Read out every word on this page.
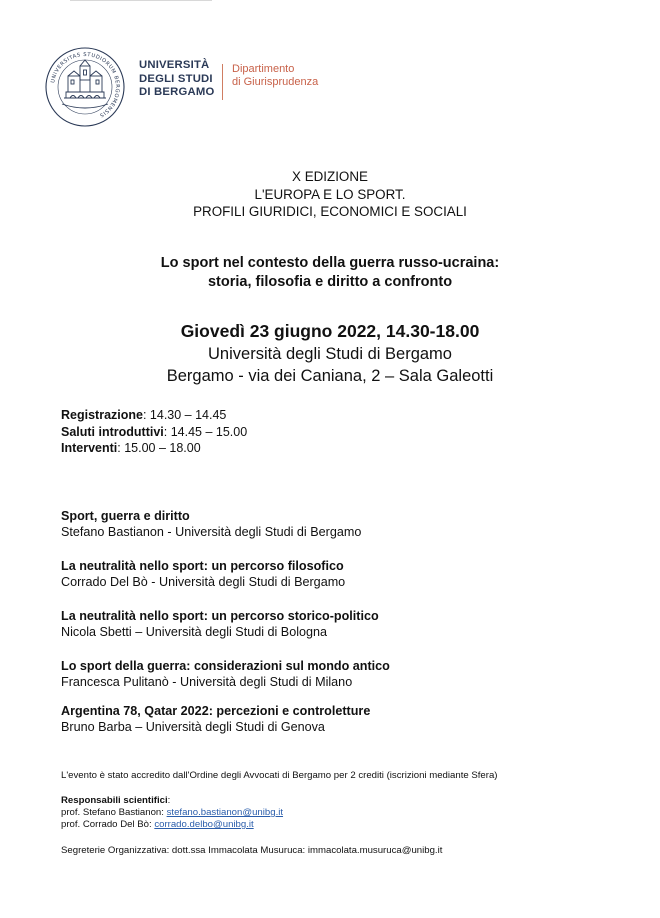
UNIVERSITAS STUDIORUM BERGOMENSIS
UNIVERSITÀ
DEGLI STUDI
DI BERGAMO
Dipartimento
di Giurisprudenza
X EDIZIONE
L'EUROPA E LO SPORT.
PROFILI GIURIDICI, ECONOMICI E SOCIALI
Lo sport nel contesto della guerra russo-ucraina:
storia, filosofia e diritto a confronto
Giovedì 23 giugno 2022, 14.30-18.00
Università degli Studi di Bergamo
Bergamo - via dei Caniana, 2 – Sala Galeotti
Registrazione: 14.30 – 14.45
Saluti introduttivi: 14.45 – 15.00
Interventi: 15.00 – 18.00
Sport, guerra e diritto
Stefano Bastianon - Università degli Studi di Bergamo
La neutralità nello sport: un percorso filosofico
Corrado Del Bò - Università degli Studi di Bergamo
La neutralità nello sport: un percorso storico-politico
Nicola Sbetti – Università degli Studi di Bologna
Lo sport della guerra: considerazioni sul mondo antico
Francesca Pulitanò - Università degli Studi di Milano
Argentina 78, Qatar 2022: percezioni e controletture
Bruno Barba – Università degli Studi di Genova
L'evento è stato accredito dall'Ordine degli Avvocati di Bergamo per 2 crediti (iscrizioni mediante Sfera)
Responsabili scientifici:
prof. Stefano Bastianon: stefano.bastianon@unibg.it
prof. Corrado Del Bò: corrado.delbo@unibg.it
Segreterie Organizzativa: dott.ssa Immacolata Musuruca: immacolata.musuruca@unibg.it
